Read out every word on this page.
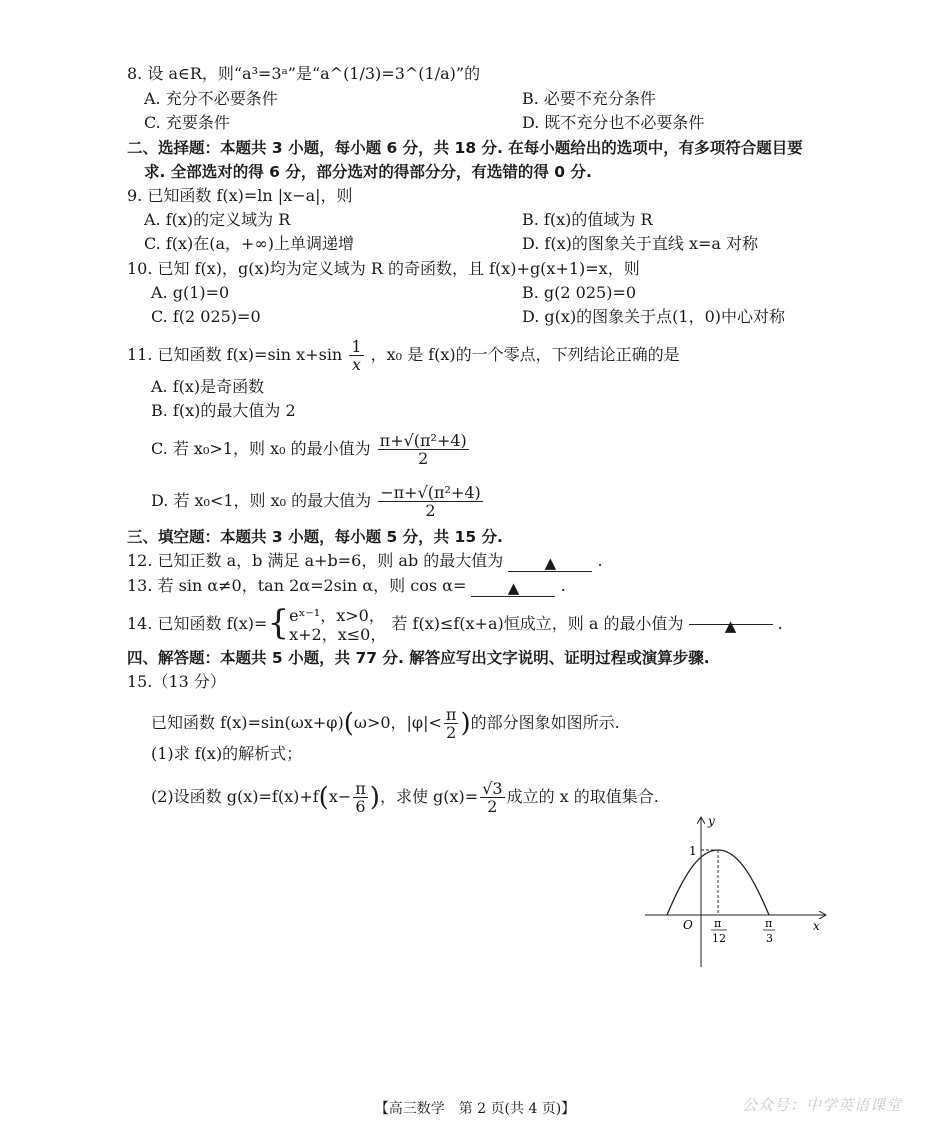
8. 设 a∈R，则“a³=3ᵃ”是“a^(1/3)=3^(1/a)”的
A. 充分不必要条件	B. 必要不充分条件
C. 充要条件	D. 既不充分也不必要条件
二、选择题：本题共 3 小题，每小题 6 分，共 18 分. 在每小题给出的选项中，有多项符合题目要
求. 全部选对的得 6 分，部分选对的得部分分，有选错的得 0 分.
9. 已知函数 f(x)=ln |x−a|，则
A. f(x)的定义域为 R	B. f(x)的值域为 R
C. f(x)在(a，+∞)上单调递增	D. f(x)的图象关于直线 x=a 对称
10. 已知 f(x)，g(x)均为定义域为 R 的奇函数，且 f(x)+g(x+1)=x，则
A. g(1)=0	B. g(2 025)=0
C. f(2 025)=0	D. g(x)的图象关于点(1，0)中心对称
11. 已知函数 f(x)=sin $x+\sin \frac{1}{x}$ ，x₀ 是 f(x)的一个零点，下列结论正确的是
A. f(x)是奇函数
B. f(x)的最大值为 2
C. 若 x₀>1，则 x₀ 的最小值为 $\frac{\text{π+√(π²+4)}}{2}$
D. 若 x₀<1，则 x₀ 的最大值为 $\frac{\text{−π+√(π²+4)}}{2}$
三、填空题：本题共 3 小题，每小题 5 分，共 15 分.
12. 已知正数 a，b 满足 a+b=6，则 ab 的最大值为	▲	.
13. 若 sin α≠0，tan 2α=2sin α，则 cos α=	▲	.
14. 已知函数 f(x)={ eˣ⁻¹，x>0，
x+2，x≤0，
若 f(x)≤f(x+a)恒成立，则 a 的最小值为	▲	.
四、解答题：本题共 5 小题，共 77 分. 解答应写出文字说明、证明过程或演算步骤.
15.（13 分）
已知函数 f(x)=sin(ωx+φ)(ω>0，$|\varphi|< \frac{\pi}{2}$ )的部分图象如图所示.
(1)求 f(x)的解析式；
(2)设函数 $g(x)=f(x)+f(x- \frac{\pi}{6}$ )，求使 $g(x)= \frac{√3}{2}$ 成立的 x 的取值集合.
y
x
O
1
π
12
π
3
【高三数学　第 2 页(共 4 页)】	公众号：中学英语课堂
